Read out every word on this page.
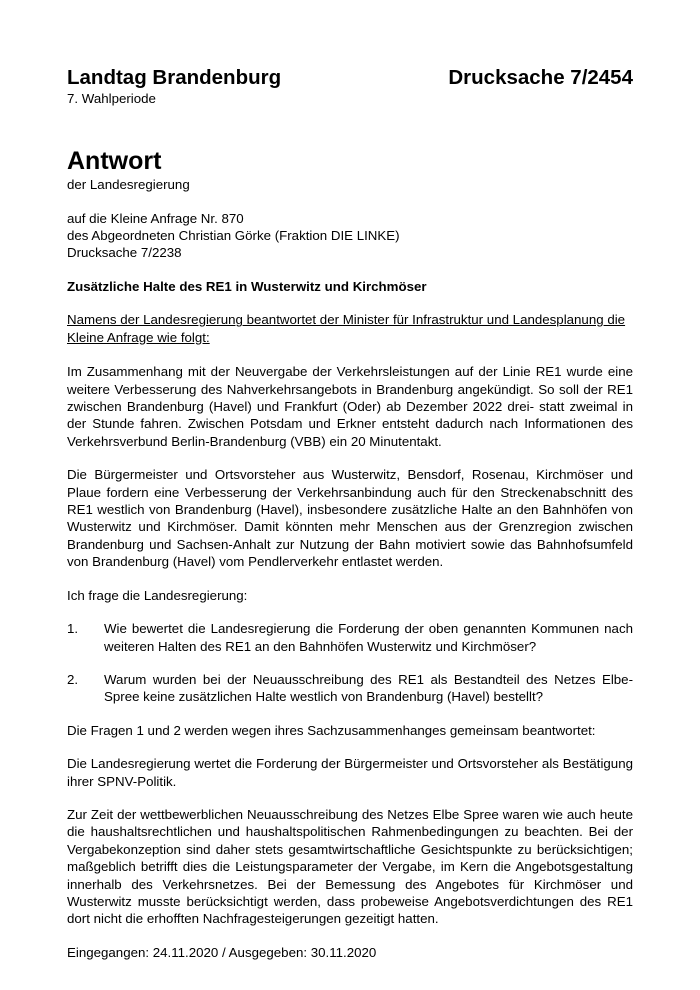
Landtag Brandenburg	Drucksache 7/2454
7. Wahlperiode
Antwort
der Landesregierung
auf die Kleine Anfrage Nr. 870
des Abgeordneten Christian Görke (Fraktion DIE LINKE)
Drucksache 7/2238

Zusätzliche Halte des RE1 in Wusterwitz und Kirchmöser

Namens der Landesregierung beantwortet der Minister für Infrastruktur und Landesplanung die Kleine Anfrage wie folgt:

Im Zusammenhang mit der Neuvergabe der Verkehrsleistungen auf der Linie RE1 wurde eine weitere Verbesserung des Nahverkehrsangebots in Brandenburg angekündigt. So soll der RE1 zwischen Brandenburg (Havel) und Frankfurt (Oder) ab Dezember 2022 drei- statt zweimal in der Stunde fahren. Zwischen Potsdam und Erkner entsteht dadurch nach Informationen des Verkehrsverbund Berlin-Brandenburg (VBB) ein 20 Minutentakt.

Die Bürgermeister und Ortsvorsteher aus Wusterwitz, Bensdorf, Rosenau, Kirchmöser und Plaue fordern eine Verbesserung der Verkehrsanbindung auch für den Streckenabschnitt des RE1 westlich von Brandenburg (Havel), insbesondere zusätzliche Halte an den Bahnhöfen von Wusterwitz und Kirchmöser. Damit könnten mehr Menschen aus der Grenzregion zwischen Brandenburg und Sachsen-Anhalt zur Nutzung der Bahn motiviert sowie das Bahnhofsumfeld von Brandenburg (Havel) vom Pendlerverkehr entlastet werden.

Ich frage die Landesregierung:

1.	Wie bewertet die Landesregierung die Forderung der oben genannten Kommunen nach weiteren Halten des RE1 an den Bahnhöfen Wusterwitz und Kirchmöser?
2.	Warum wurden bei der Neuausschreibung des RE1 als Bestandteil des Netzes Elbe-Spree keine zusätzlichen Halte westlich von Brandenburg (Havel) bestellt?

Die Fragen 1 und 2 werden wegen ihres Sachzusammenhanges gemeinsam beantwortet:

Die Landesregierung wertet die Forderung der Bürgermeister und Ortsvorsteher als Bestätigung ihrer SPNV-Politik.

Zur Zeit der wettbewerblichen Neuausschreibung des Netzes Elbe Spree waren wie auch heute die haushaltsrechtlichen und haushaltspolitischen Rahmenbedingungen zu beachten. Bei der Vergabekonzeption sind daher stets gesamtwirtschaftliche Gesichtspunkte zu berücksichtigen; maßgeblich betrifft dies die Leistungsparameter der Vergabe, im Kern die Angebotsgestaltung innerhalb des Verkehrsnetzes. Bei der Bemessung des Angebotes für Kirchmöser und Wusterwitz musste berücksichtigt werden, dass probeweise Angebotsverdichtungen des RE1 dort nicht die erhofften Nachfragesteigerungen gezeitigt hatten.

Eingegangen: 24.11.2020 / Ausgegeben: 30.11.2020
